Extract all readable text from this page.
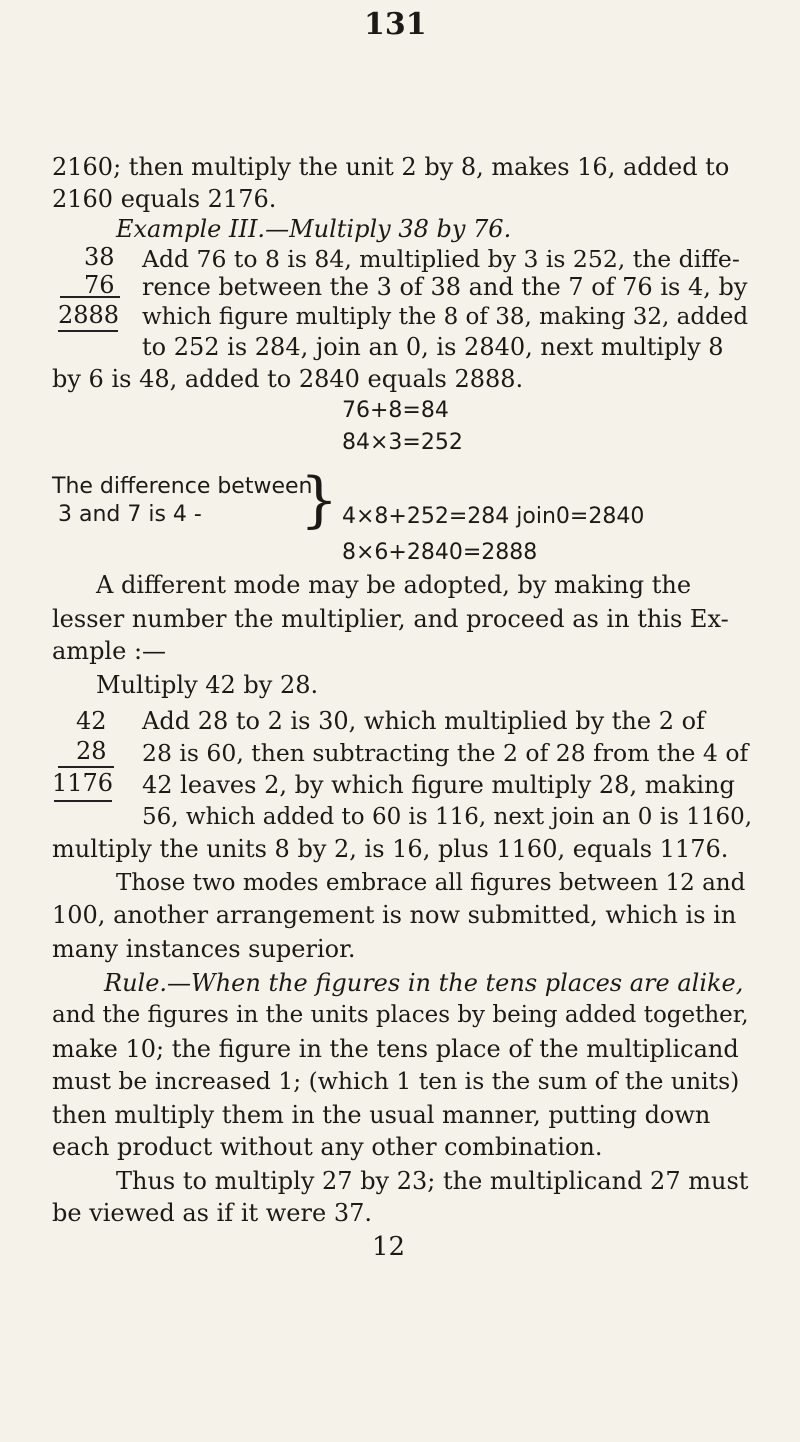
131
2160; then multiply the unit 2 by 8, makes 16, added to
2160 equals 2176.
Example III.—Multiply 38 by 76.
38
76
2888
Add 76 to 8 is 84, multiplied by 3 is 252, the diffe-
rence between the 3 of 38 and the 7 of 76 is 4, by
which figure multiply the 8 of 38, making 32, added
to 252 is 284, join an 0, is 2840, next multiply 8
by 6 is 48, added to 2840 equals 2888.
76+8=84
84×3=252
The difference between
3 and 7 is 4 - } 4×8+252=284 join0=2840
8×6+2840=2888
A different mode may be adopted, by making the
lesser number the multiplier, and proceed as in this Ex-
ample :—
Multiply 42 by 28.
42
28
1176
Add 28 to 2 is 30, which multiplied by the 2 of
28 is 60, then subtracting the 2 of 28 from the 4 of
42 leaves 2, by which figure multiply 28, making
56, which added to 60 is 116, next join an 0 is 1160,
multiply the units 8 by 2, is 16, plus 1160, equals 1176.
Those two modes embrace all figures between 12 and
100, another arrangement is now submitted, which is in
many instances superior.
Rule.—When the figures in the tens places are alike,
and the figures in the units places by being added together,
make 10; the figure in the tens place of the multiplicand
must be increased 1; (which 1 ten is the sum of the units)
then multiply them in the usual manner, putting down
each product without any other combination.
Thus to multiply 27 by 23; the multiplicand 27 must
be viewed as if it were 37.
12
